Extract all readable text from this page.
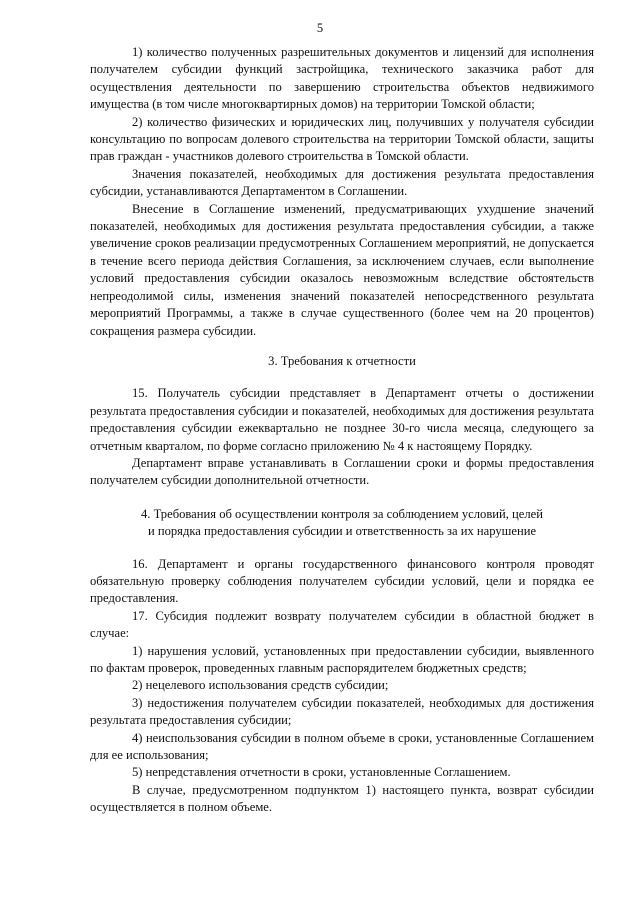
5

1) количество полученных разрешительных документов и лицензий для исполнения получателем субсидии функций застройщика, технического заказчика работ для осуществления деятельности по завершению строительства объектов недвижимого имущества (в том числе многоквартирных домов) на территории Томской области;

2) количество физических и юридических лиц, получивших у получателя субсидии консультацию по вопросам долевого строительства на территории Томской области, защиты прав граждан - участников долевого строительства в Томской области.

Значения показателей, необходимых для достижения результата предоставления субсидии, устанавливаются Департаментом в Соглашении.

Внесение в Соглашение изменений, предусматривающих ухудшение значений показателей, необходимых для достижения результата предоставления субсидии, а также увеличение сроков реализации предусмотренных Соглашением мероприятий, не допускается в течение всего периода действия Соглашения, за исключением случаев, если выполнение условий предоставления субсидии оказалось невозможным вследствие обстоятельств непреодолимой силы, изменения значений показателей непосредственного результата мероприятий Программы, а также в случае существенного (более чем на 20 процентов) сокращения размера субсидии.

3. Требования к отчетности

15. Получатель субсидии представляет в Департамент отчеты о достижении результата предоставления субсидии и показателей, необходимых для достижения результата предоставления субсидии ежеквартально не позднее 30-го числа месяца, следующего за отчетным кварталом, по форме согласно приложению № 4 к настоящему Порядку.

Департамент вправе устанавливать в Соглашении сроки и формы предоставления получателем субсидии дополнительной отчетности.

4. Требования об осуществлении контроля за соблюдением условий, целей
и порядка предоставления субсидии и ответственность за их нарушение

16. Департамент и органы государственного финансового контроля проводят обязательную проверку соблюдения получателем субсидии условий, цели и порядка ее предоставления.

17. Субсидия подлежит возврату получателем субсидии в областной бюджет в случае:

1) нарушения условий, установленных при предоставлении субсидии, выявленного по фактам проверок, проведенных главным распорядителем бюджетных средств;

2) нецелевого использования средств субсидии;

3) недостижения получателем субсидии показателей, необходимых для достижения результата предоставления субсидии;

4) неиспользования субсидии в полном объеме в сроки, установленные Соглашением для ее использования;

5) непредставления отчетности в сроки, установленные Соглашением.

В случае, предусмотренном подпунктом 1) настоящего пункта, возврат субсидии осуществляется в полном объеме.
